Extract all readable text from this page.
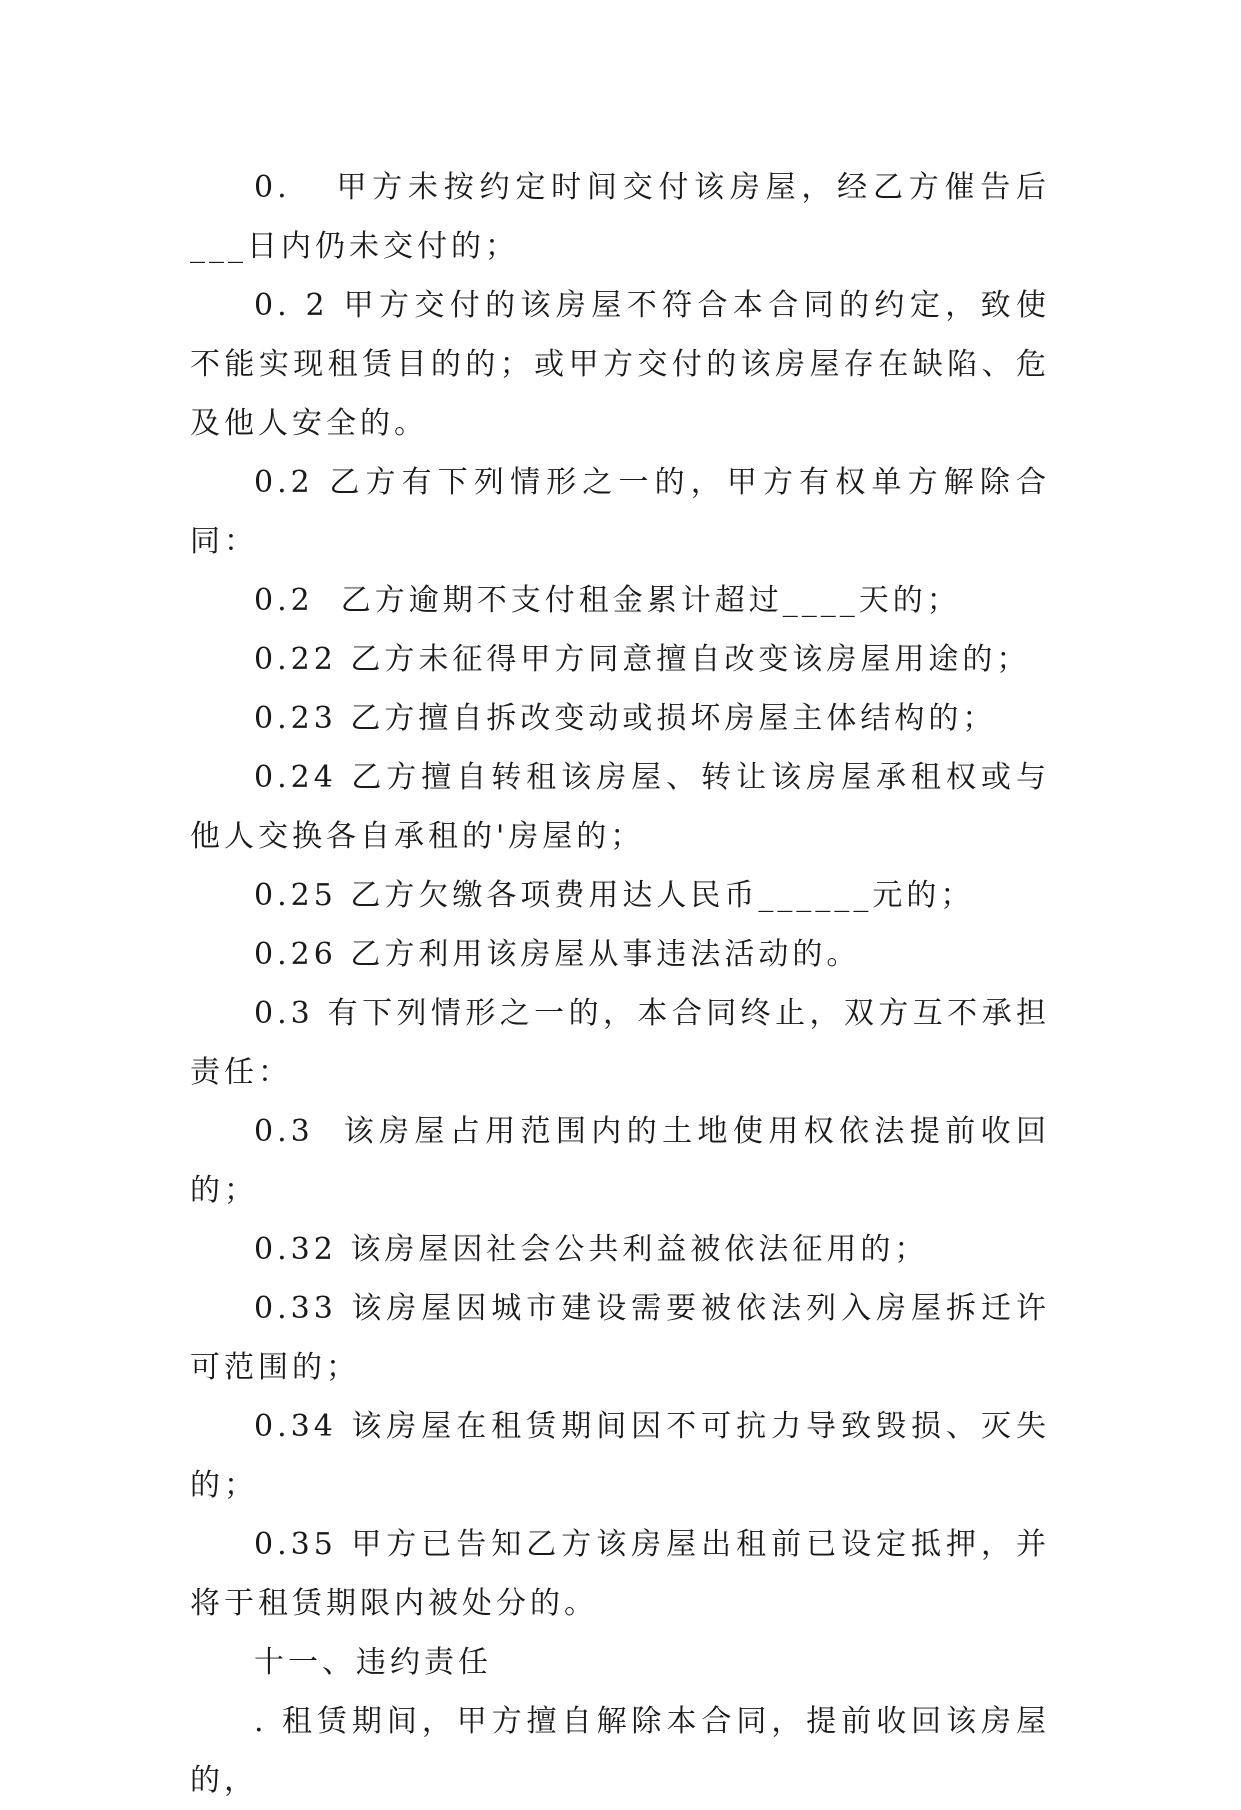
0.   甲方未按约定时间交付该房屋，经乙方催告后___日内仍未交付的；

0. 2 甲方交付的该房屋不符合本合同的约定，致使不能实现租赁目的的；或甲方交付的该房屋存在缺陷、危及他人安全的。

0.2 乙方有下列情形之一的，甲方有权单方解除合同：

0.2  乙方逾期不支付租金累计超过____天的；

0.22 乙方未征得甲方同意擅自改变该房屋用途的；

0.23 乙方擅自拆改变动或损坏房屋主体结构的；

0.24 乙方擅自转租该房屋、转让该房屋承租权或与他人交换各自承租的'房屋的；

0.25 乙方欠缴各项费用达人民币______元的；

0.26 乙方利用该房屋从事违法活动的。

0.3 有下列情形之一的，本合同终止，双方互不承担责任：

0.3  该房屋占用范围内的土地使用权依法提前收回的；

0.32 该房屋因社会公共利益被依法征用的；

0.33 该房屋因城市建设需要被依法列入房屋拆迁许可范围的；

0.34 该房屋在租赁期间因不可抗力导致毁损、灭失的；

0.35 甲方已告知乙方该房屋出租前已设定抵押，并将于租赁期限内被处分的。

十一、违约责任

. 租赁期间，甲方擅自解除本合同，提前收回该房屋的，
